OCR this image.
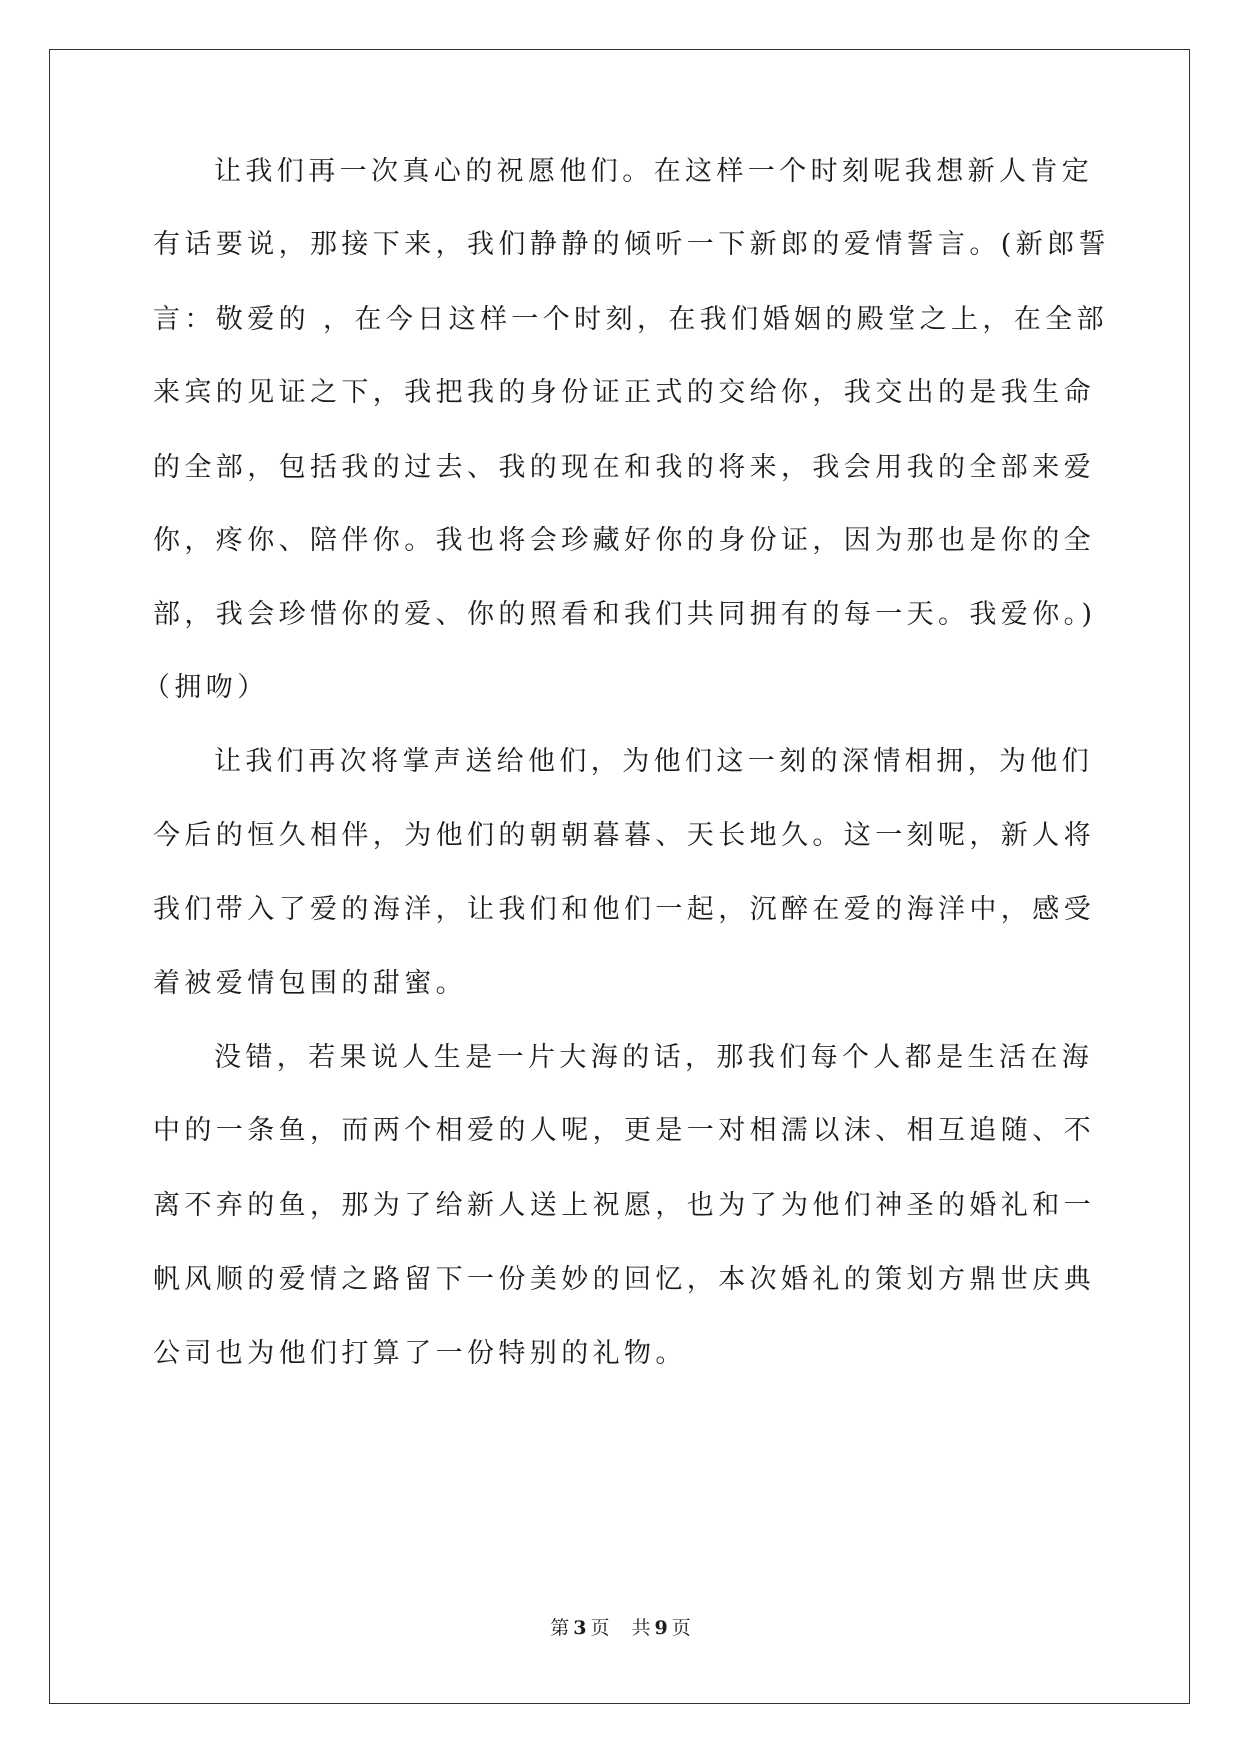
让我们再一次真心的祝愿他们。在这样一个时刻呢我想新人肯定
有话要说，那接下来，我们静静的倾听一下新郎的爱情誓言。(新郎誓
言：敬爱的 ，在今日这样一个时刻，在我们婚姻的殿堂之上，在全部
来宾的见证之下，我把我的身份证正式的交给你，我交出的是我生命
的全部，包括我的过去、我的现在和我的将来，我会用我的全部来爱
你，疼你、陪伴你。我也将会珍藏好你的身份证，因为那也是你的全
部，我会珍惜你的爱、你的照看和我们共同拥有的每一天。我爱你。)
（拥吻）
让我们再次将掌声送给他们，为他们这一刻的深情相拥，为他们
今后的恒久相伴，为他们的朝朝暮暮、天长地久。这一刻呢，新人将
我们带入了爱的海洋，让我们和他们一起，沉醉在爱的海洋中，感受
着被爱情包围的甜蜜。
没错，若果说人生是一片大海的话，那我们每个人都是生活在海
中的一条鱼，而两个相爱的人呢，更是一对相濡以沫、相互追随、不
离不弃的鱼，那为了给新人送上祝愿，也为了为他们神圣的婚礼和一
帆风顺的爱情之路留下一份美妙的回忆，本次婚礼的策划方鼎世庆典
公司也为他们打算了一份特别的礼物。
第 3 页 共 9 页
